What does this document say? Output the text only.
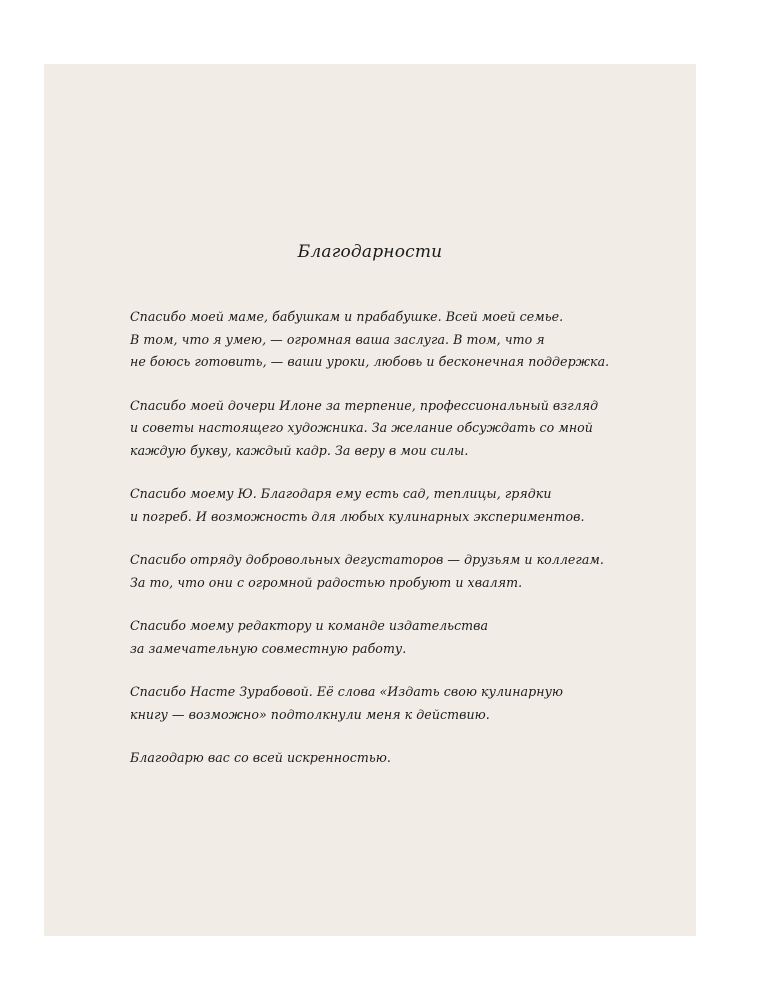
Благодарности
Спасибо моей маме, бабушкам и прабабушке. Всей моей семье.
В том, что я умею, — огромная ваша заслуга. В том, что я
не боюсь готовить, — ваши уроки, любовь и бесконечная поддержка.
Спасибо моей дочери Илоне за терпение, профессиональный взгляд
и советы настоящего художника. За желание обсуждать со мной
каждую букву, каждый кадр. За веру в мои силы.
Спасибо моему Ю. Благодаря ему есть сад, теплицы, грядки
и погреб. И возможность для любых кулинарных экспериментов.
Спасибо отряду добровольных дегустаторов — друзьям и коллегам.
За то, что они с огромной радостью пробуют и хвалят.
Спасибо моему редактору и команде издательства
за замечательную совместную работу.
Спасибо Насте Зурабовой. Её слова «Издать свою кулинарную
книгу — возможно» подтолкнули меня к действию.
Благодарю вас со всей искренностью.
